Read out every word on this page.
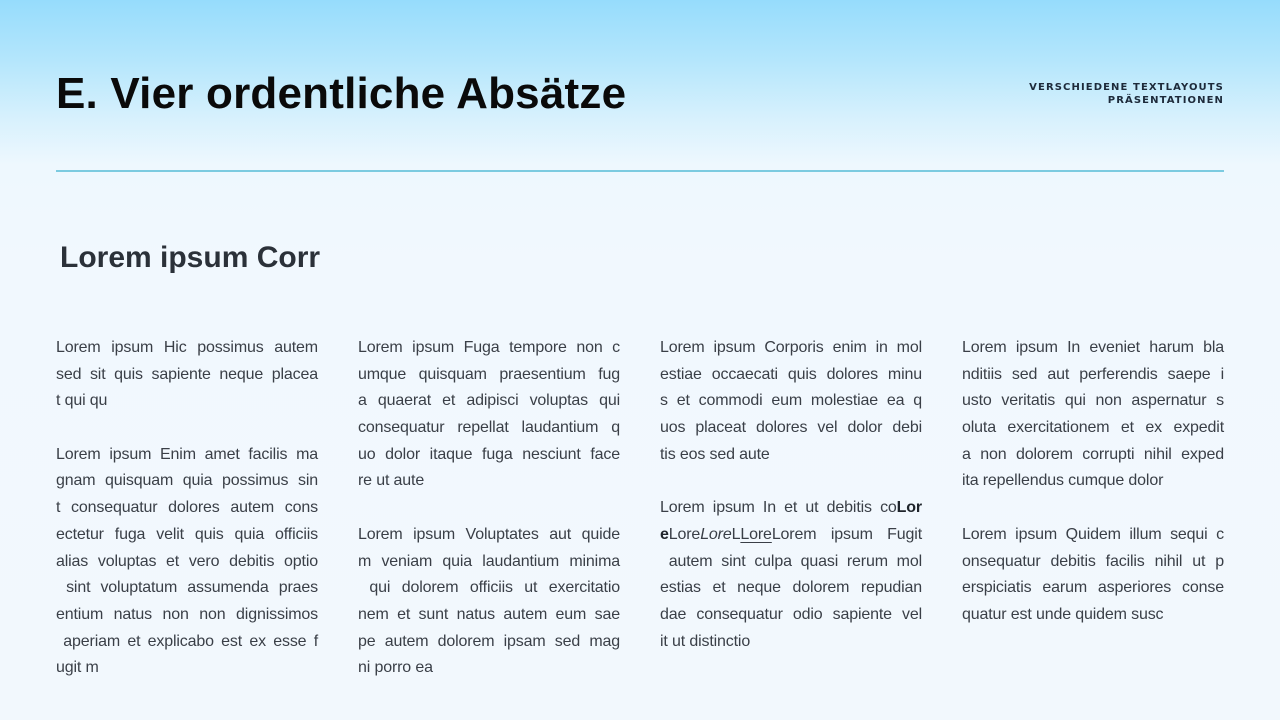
E. Vier ordentliche Absätze	VERSCHIEDENE TEXTLAYOUTS
PRÄSENTATIONEN
Lorem ipsum Corr

Lorem ipsum Hic possimus autem
sed sit quis sapiente neque placea
t qui qu

Lorem ipsum Enim amet facilis ma
gnam quisquam quia possimus sin
t consequatur dolores autem cons
ectetur fuga velit quis quia officiis
alias voluptas et vero debitis optio
sint voluptatum assumenda praes
entium natus non non dignissimos
aperiam et explicabo est ex esse f
ugit m

Lorem ipsum Fuga tempore non c
umque quisquam praesentium fug
a quaerat et adipisci voluptas qui
consequatur repellat laudantium q
uo dolor itaque fuga nesciunt face
re ut aute

Lorem ipsum Voluptates aut quide
m veniam quia laudantium minima
qui dolorem officiis ut exercitatio
nem et sunt natus autem eum sae
pe autem dolorem ipsam sed mag
ni porro ea

Lorem ipsum Corporis enim in mol
estiae occaecati quis dolores minu
s et commodi eum molestiae ea q
uos placeat dolores vel dolor debi
tis eos sed aute

Lorem ipsum In et ut debitis coLor
eLoreLoreLLoreLorem ipsum Fugit
autem sint culpa quasi rerum mol
estias et neque dolorem repudian
dae consequatur odio sapiente vel
it ut distinctio

Lorem ipsum In eveniet harum bla
nditiis sed aut perferendis saepe i
usto veritatis qui non aspernatur s
oluta exercitationem et ex expedit
a non dolorem corrupti nihil exped
ita repellendus cumque dolor

Lorem ipsum Quidem illum sequi c
onsequatur debitis facilis nihil ut p
erspiciatis earum asperiores conse
quatur est unde quidem susc
